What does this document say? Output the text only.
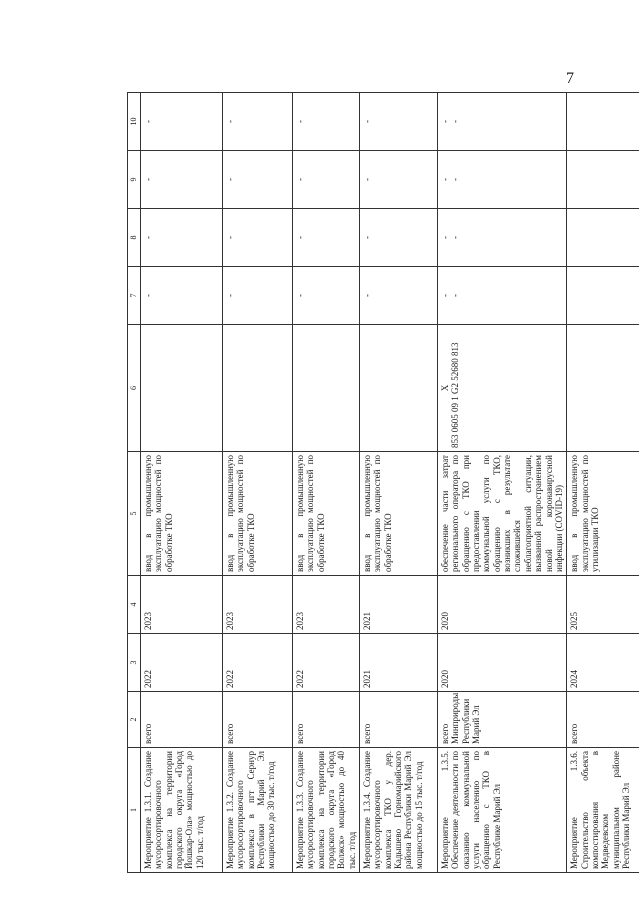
7
1	2	3	4	5	6	7	8	9	10
Мероприятие 1.3.1. Создание мусоросортировочного комплекса на территории городского округа «Город Йошкар-Ола» мощностью до 120 тыс. т/год	всего	2022	2023	ввод в промышленную эксплуатацию мощностей по обработке ТКО		-	-	-	-
Мероприятие 1.3.2. Создание мусоросортировочного комплекса в пгт Сернур Республики Марий Эл мощностью до 30 тыс. т/год	всего	2022	2023	ввод в промышленную эксплуатацию мощностей по обработке ТКО		-	-	-	-
Мероприятие 1.3.3. Создание мусоросортировочного комплекса на территории городского округа «Город Волжск» мощностью до 40 тыс. т/год	всего	2022	2023	ввод в промышленную эксплуатацию мощностей по обработке ТКО		-	-	-	-
Мероприятие 1.3.4. Создание мусоросортировочного комплекса ТКО у дер. Кадышево Горномарийского района Республики Марий Эл мощностью до 15 тыс. т/год	всего	2021	2021	ввод в промышленную эксплуатацию мощностей по обработке ТКО		-	-	-	-
Мероприятие 1.3.5. Обеспечение деятельности по оказанию коммунальной услуги населению по обращению с ТКО в Республике Марий Эл	всего Минприроды Республики Марий Эл	2020	2020	обеспечение части затрат регионального оператора по обращению с ТКО при предоставлении коммунальной услуги по обращению с ТКО, возникших в результате сложившейся неблагоприятной ситуации, вызванной распространением новой коронавирусной инфекции (COVID-19)	X 853 0605 09 1 G2 52680 813	- -	- -	- -	- -

Мероприятие 1.3.6. Строительство объекта компостирования в Медведевском муниципальном районе Республики Марий Эл	всего	2024	2025	ввод в промышленную эксплуатацию мощностей по утилизации ТКО					
